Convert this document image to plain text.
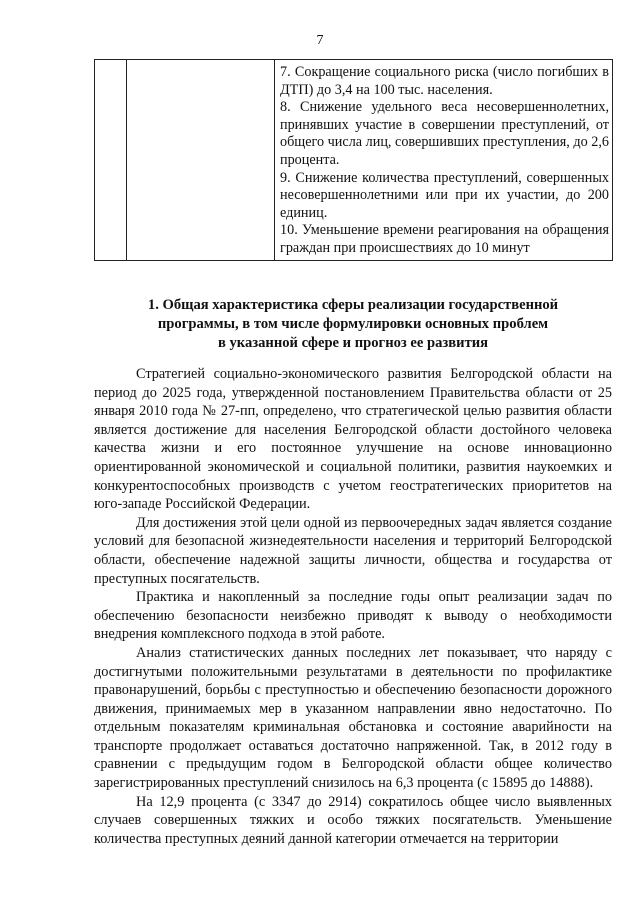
7

7. Сокращение социального риска (число погибших в ДТП) до 3,4 на 100 тыс. населения.

8. Снижение удельного веса несовершеннолетних, принявших участие в совершении преступлений, от общего числа лиц, совершивших преступления, до 2,6 процента.

9. Снижение количества преступлений, совершенных несовершеннолетними или при их участии, до 200 единиц.

10. Уменьшение времени реагирования на обращения граждан при происшествиях до 10 минут

1. Общая характеристика сферы реализации государственной
программы, в том числе формулировки основных проблем
в указанной сфере и прогноз ее развития

Стратегией социально-экономического развития Белгородской области на период до 2025 года, утвержденной постановлением Правительства области от 25 января 2010 года № 27-пп, определено, что стратегической целью развития области является достижение для населения Белгородской области достойного человека качества жизни и его постоянное улучшение на основе инновационно ориентированной экономической и социальной политики, развития наукоемких и конкурентоспособных производств с учетом геостратегических приоритетов на юго-западе Российской Федерации.

Для достижения этой цели одной из первоочередных задач является создание условий для безопасной жизнедеятельности населения и территорий Белгородской области, обеспечение надежной защиты личности, общества и государства от преступных посягательств.

Практика и накопленный за последние годы опыт реализации задач по обеспечению безопасности неизбежно приводят к выводу о необходимости внедрения комплексного подхода в этой работе.

Анализ статистических данных последних лет показывает, что наряду с достигнутыми положительными результатами в деятельности по профилактике правонарушений, борьбы с преступностью и обеспечению безопасности дорожного движения, принимаемых мер в указанном направлении явно недостаточно. По отдельным показателям криминальная обстановка и состояние аварийности на транспорте продолжает оставаться достаточно напряженной. Так, в 2012 году в сравнении с предыдущим годом в Белгородской области общее количество зарегистрированных преступлений снизилось на 6,3 процента (с 15895 до 14888).

На 12,9 процента (с 3347 до 2914) сократилось общее число выявленных случаев совершенных тяжких и особо тяжких посягательств. Уменьшение количества преступных деяний данной категории отмечается на территории
